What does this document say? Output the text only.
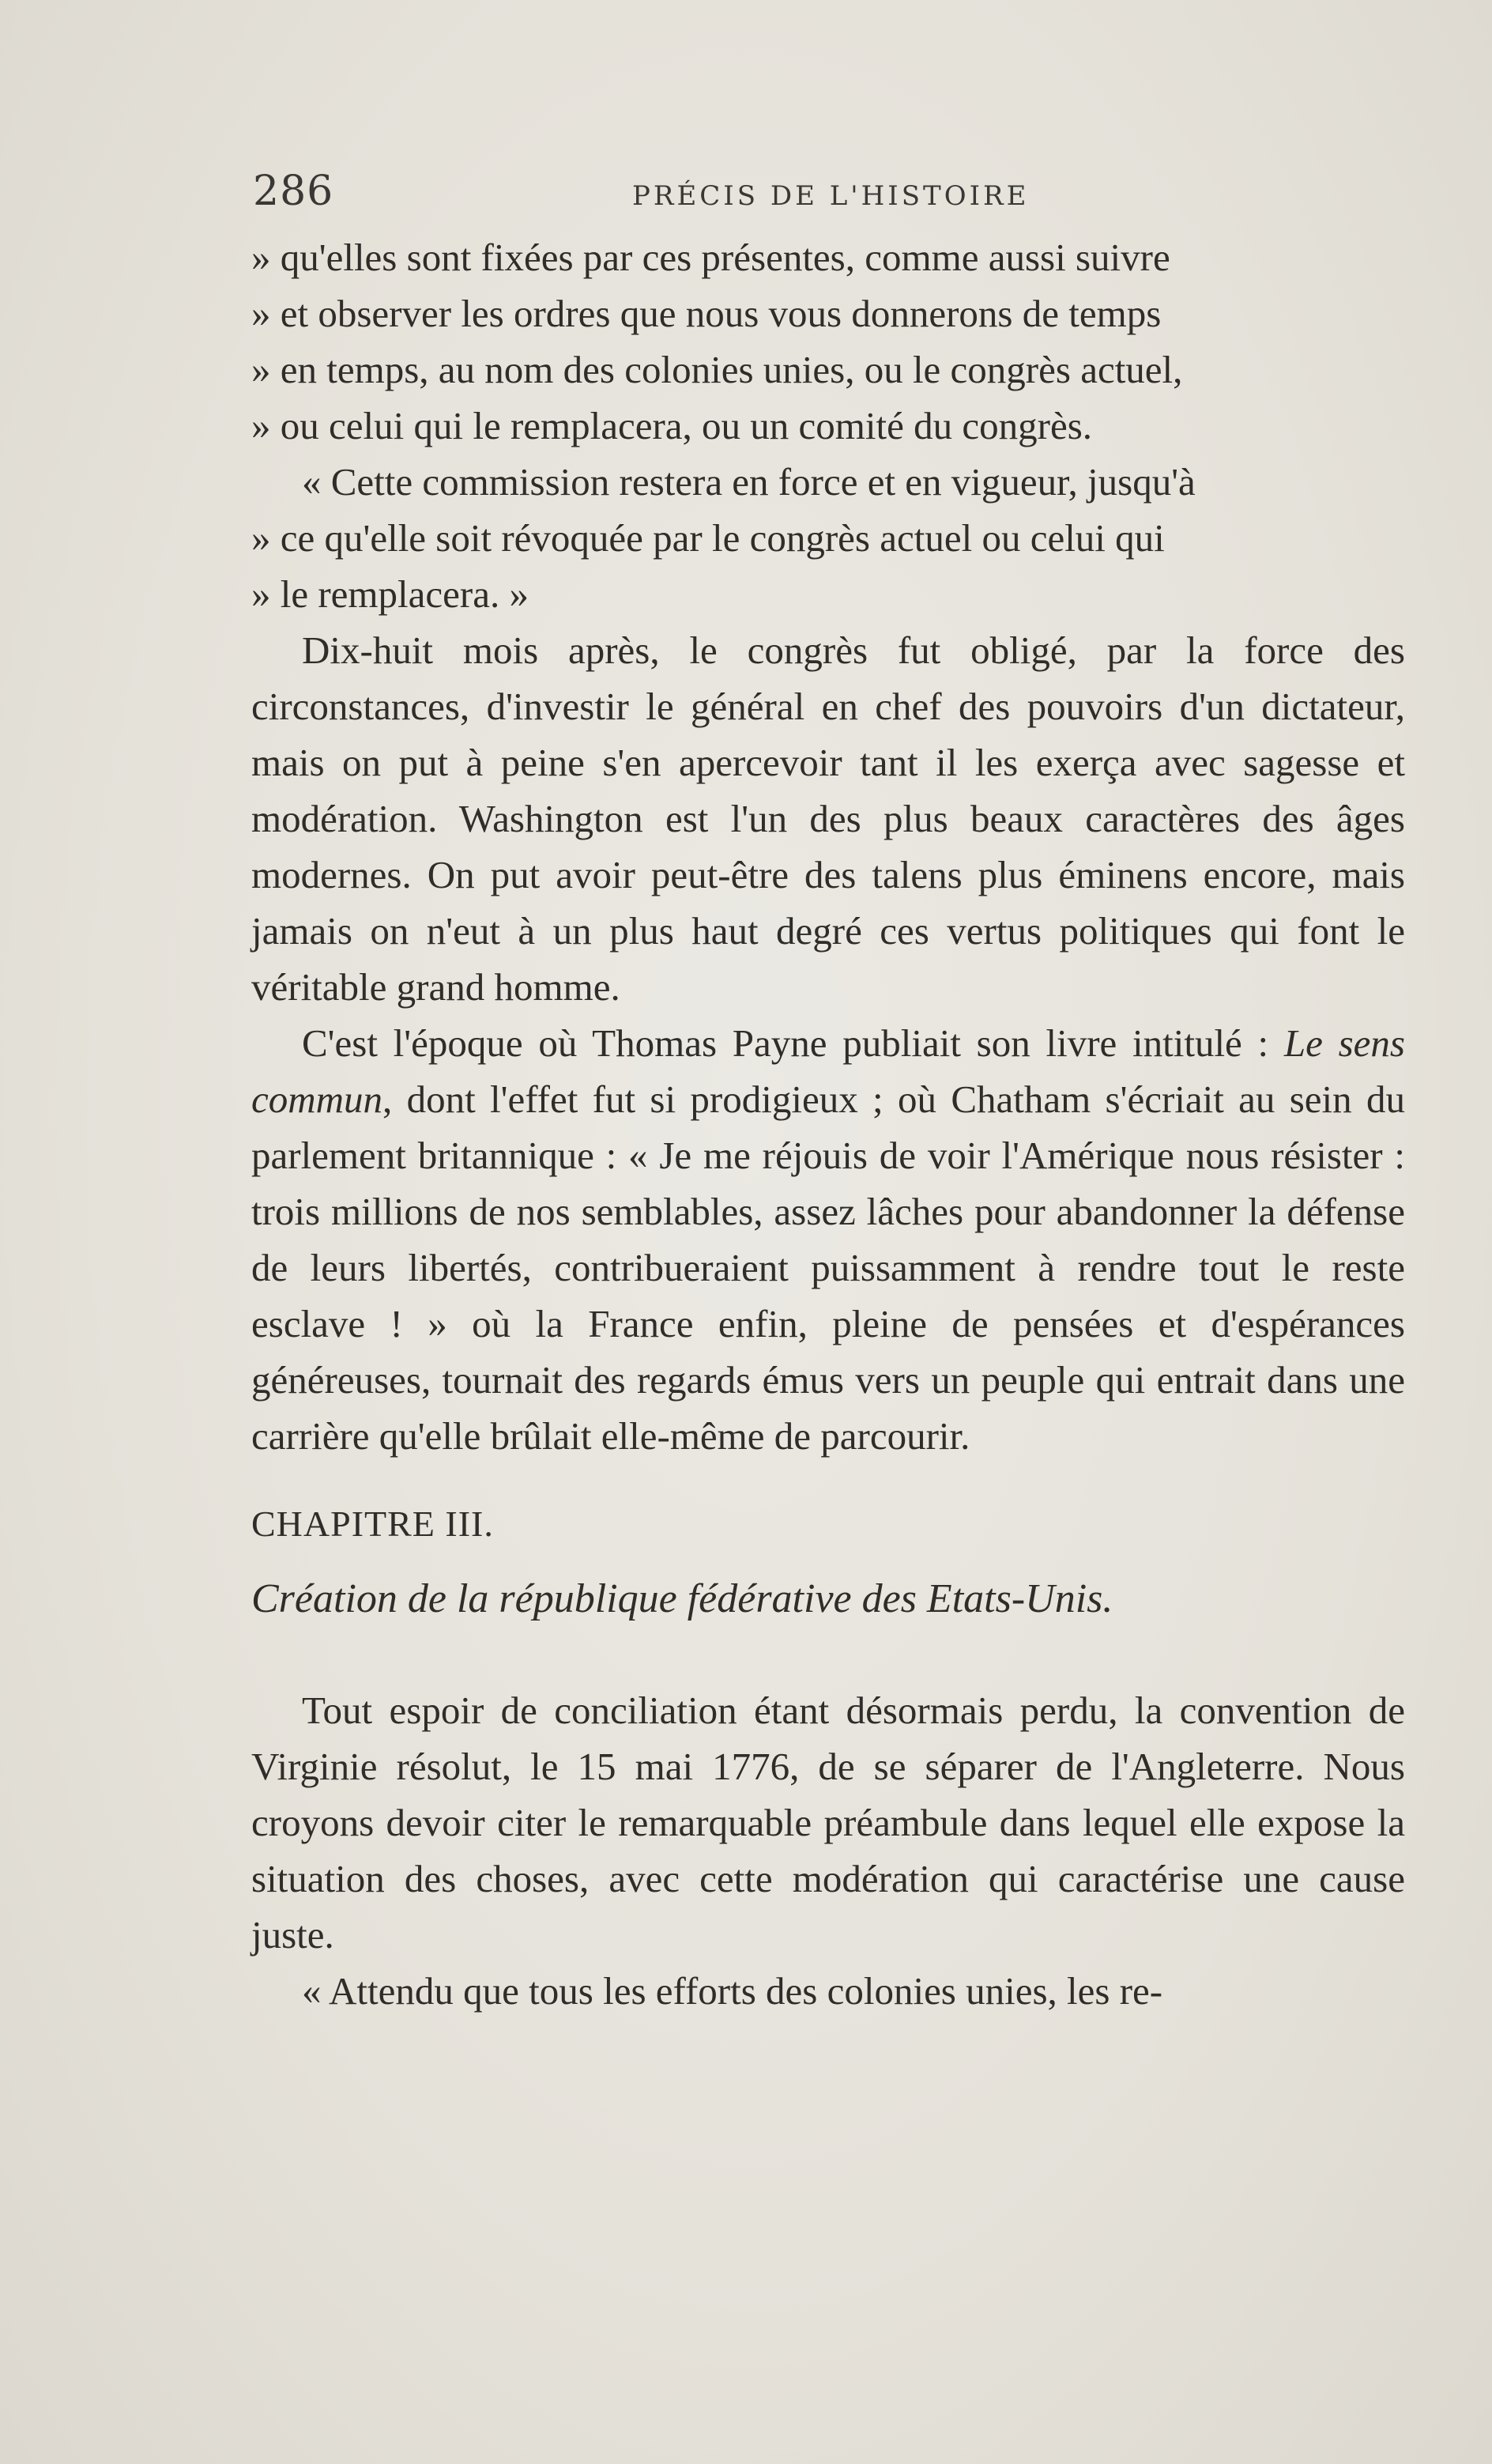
286	PRÉCIS DE L'HISTOIRE

» qu'elles sont fixées par ces présentes, comme aussi suivre

» et observer les ordres que nous vous donnerons de temps

» en temps, au nom des colonies unies, ou le congrès actuel,

» ou celui qui le remplacera, ou un comité du congrès.

« Cette commission restera en force et en vigueur, jusqu'à

» ce qu'elle soit révoquée par le congrès actuel ou celui qui

» le remplacera. »

Dix-huit mois après, le congrès fut obligé, par la force des circonstances, d'investir le général en chef des pouvoirs d'un dictateur, mais on put à peine s'en apercevoir tant il les exerça avec sagesse et modération. Washington est l'un des plus beaux caractères des âges modernes. On put avoir peut-être des talens plus éminens encore, mais jamais on n'eut à un plus haut degré ces vertus politiques qui font le véritable grand homme.

C'est l'époque où Thomas Payne publiait son livre intitulé : Le sens commun, dont l'effet fut si prodigieux ; où Chatham s'écriait au sein du parlement britannique : « Je me réjouis de voir l'Amérique nous résister : trois millions de nos semblables, assez lâches pour abandonner la défense de leurs libertés, contribueraient puissamment à rendre tout le reste esclave ! » où la France enfin, pleine de pensées et d'espérances généreuses, tournait des regards émus vers un peuple qui entrait dans une carrière qu'elle brûlait elle-même de parcourir.

CHAPITRE III.

Création de la république fédérative des Etats-Unis.

Tout espoir de conciliation étant désormais perdu, la convention de Virginie résolut, le 15 mai 1776, de se séparer de l'Angleterre. Nous croyons devoir citer le remarquable préambule dans lequel elle expose la situation des choses, avec cette modération qui caractérise une cause juste.

« Attendu que tous les efforts des colonies unies, les re-
